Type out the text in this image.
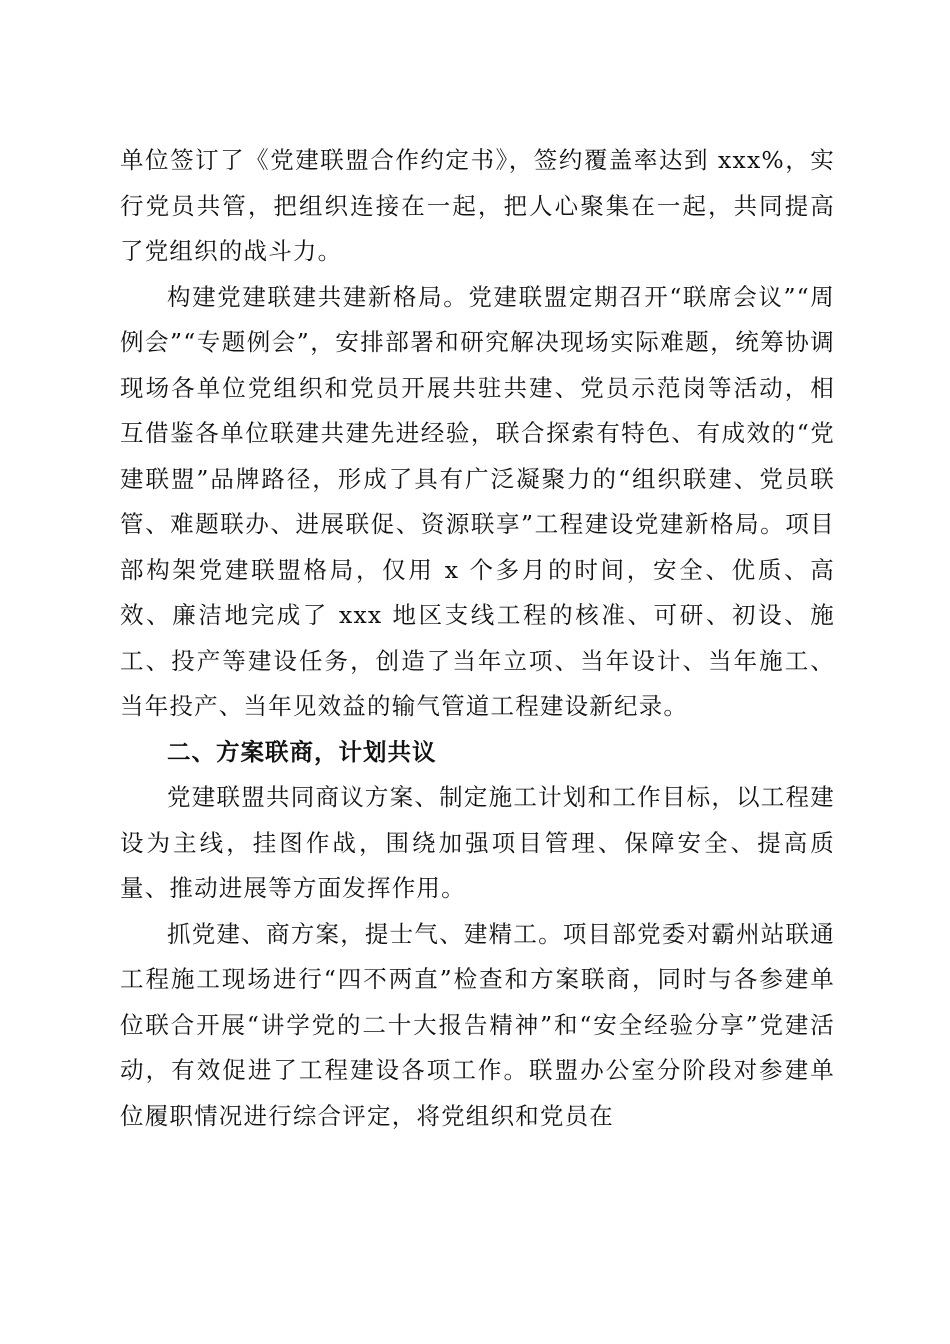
单位签订了《党建联盟合作约定书》，签约覆盖率达到 xxx%，实行党员共管，把组织连接在一起，把人心聚集在一起，共同提高了党组织的战斗力。

构建党建联建共建新格局。党建联盟定期召开“联席会议”“周例会”“专题例会”，安排部署和研究解决现场实际难题，统筹协调现场各单位党组织和党员开展共驻共建、党员示范岗等活动，相互借鉴各单位联建共建先进经验，联合探索有特色、有成效的“党建联盟”品牌路径，形成了具有广泛凝聚力的“组织联建、党员联管、难题联办、进展联促、资源联享”工程建设党建新格局。项目部构架党建联盟格局，仅用 x 个多月的时间，安全、优质、高效、廉洁地完成了 xxx 地区支线工程的核准、可研、初设、施工、投产等建设任务，创造了当年立项、当年设计、当年施工、当年投产、当年见效益的输气管道工程建设新纪录。

二、方案联商，计划共议

党建联盟共同商议方案、制定施工计划和工作目标，以工程建设为主线，挂图作战，围绕加强项目管理、保障安全、提高质量、推动进展等方面发挥作用。

抓党建、商方案，提士气、建精工。项目部党委对霸州站联通工程施工现场进行“四不两直”检查和方案联商，同时与各参建单位联合开展“讲学党的二十大报告精神”和“安全经验分享”党建活动，有效促进了工程建设各项工作。联盟办公室分阶段对参建单位履职情况进行综合评定，将党组织和党员在
